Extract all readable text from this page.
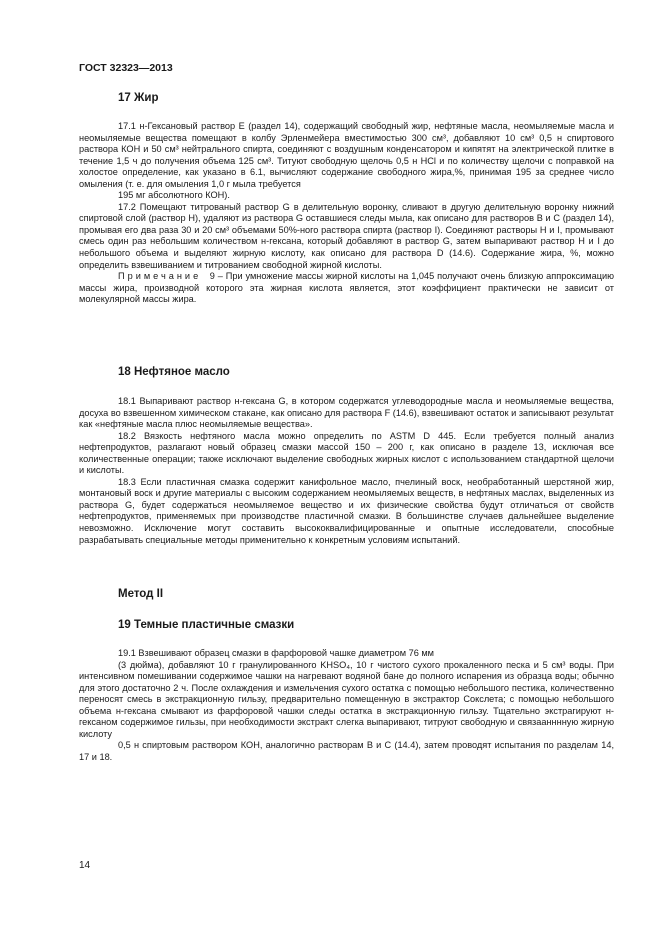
ГОСТ 32323—2013
17 Жир

17.1 н-Гексановый раствор Е (раздел 14), содержащий свободный жир, нефтяные масла, неомыляемые масла и неомыляемые вещества помещают в колбу Эрленмейера вместимостью 300 см³, добавляют 10 см³ 0,5 н спиртового раствора КОН и 50 см³ нейтрального спирта, соединяют с воздушным конденсатором и кипятят на электрической плитке в течение 1,5 ч до получения объема 125 см³. Титуют свободную щелочь 0,5 н HCl и по количеству щелочи с поправкой на холостое определение, как указано в 6.1, вычисляют содержание свободного жира,%, принимая 195 за среднее число омыления (т. е. для омыления 1,0 г мыла требуется

195 мг абсолютного КОН).

17.2 Помещают титрованый раствор G в делительную воронку, сливают в другую делительную воронку нижний спиртовой слой (раствор Н), удаляют из раствора G оставшиеся следы мыла, как описано для растворов В и С (раздел 14), промывая его два раза 30 и 20 см³ объемами 50%-ного раствора спирта (раствор I). Соединяют растворы Н и I, промывают смесь один раз небольшим количеством н-гексана, который добавляют в раствор G, затем выпаривают раствор Н и I до небольшого объема и выделяют жирную кислоту, как описано для раствора D (14.6). Содержание жира, %, можно определить взвешиванием и титрованием свободной жирной кислоты.

Примечание 9 – При умножение массы жирной кислоты на 1,045 получают очень близкую аппроксимацию массы жира, производной которого эта жирная кислота является, этот коэффициент практически не зависит от молекулярной массы жира.

18 Нефтяное масло

18.1 Выпаривают раствор н-гексана G, в котором содержатся углеводородные масла и неомыляемые вещества, досуха во взвешенном химическом стакане, как описано для раствора F (14.6), взвешивают остаток и записывают результат как «нефтяные масла плюс неомыляемые вещества».

18.2 Вязкость нефтяного масла можно определить по ASTM D 445. Если требуется полный анализ нефтепродуктов, разлагают новый образец смазки массой 150 – 200 г, как описано в разделе 13, исключая все количественные операции; также исключают выделение свободных жирных кислот с использованием стандартной щелочи и кислоты.

18.3 Если пластичная смазка содержит канифольное масло, пчелиный воск, необработанный шерстяной жир, монтановый воск и другие материалы с высоким содержанием неомыляемых веществ, в нефтяных маслах, выделенных из раствора G, будет содержаться неомыляемое вещество и их физические свойства будут отличаться от свойств нефтепродуктов, применяемых при производстве пластичной смазки. В большинстве случаев дальнейшее выделение невозможно. Исключение могут составить высококвалифицированные и опытные исследователи, способные разрабатывать специальные методы применительно к конкретным условиям испытаний.

Метод II
19 Темные пластичные смазки

19.1 Взвешивают образец смазки в фарфоровой чашке диаметром 76 мм

(3 дюйма), добавляют 10 г гранулированного KHSO₄, 10 г чистого сухого прокаленного песка и 5 см³ воды. При интенсивном помешивании содержимое чашки на нагревают водяной бане до полного испарения из образца воды; обычно для этого достаточно 2 ч. После охлаждения и измельчения сухого остатка с помощью небольшого пестика, количественно переносят смесь в экстракционную гильзу, предварительно помещенную в экстрактор Сокслета; с помощью небольшого объема н-гексана смывают из фарфоровой чашки следы остатка в экстракционную гильзу. Тщательно экстрагируют н-гексаном содержимое гильзы, при необходимости экстракт слегка выпаривают, титруют свободную и связаанннную жирную кислоту

0,5 н спиртовым раствором КОН, аналогично растворам В и С (14.4), затем проводят испытания по разделам 14, 17 и 18.

14
